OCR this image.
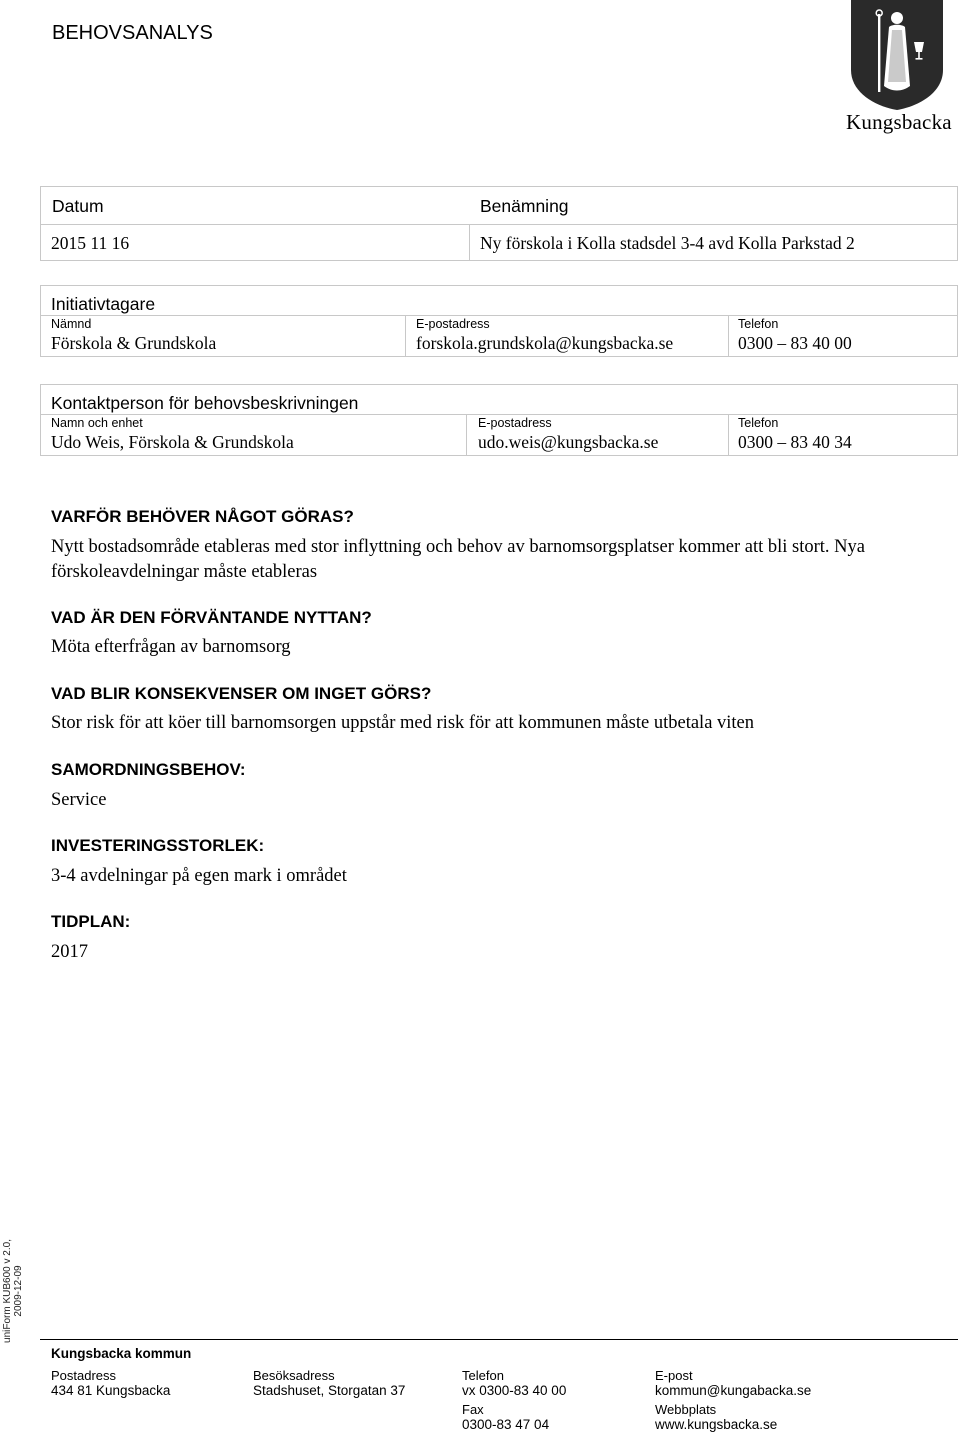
BEHOVSANALYS
Kungsbacka
Datum	Benämning
2015 11 16	Ny förskola i Kolla stadsdel 3-4 avd Kolla Parkstad 2
Initiativtagare
Nämnd
Förskola & Grundskola
E-postadress
forskola.grundskola@kungsbacka.se
Telefon
0300 – 83 40 00
Kontaktperson för behovsbeskrivningen
Namn och enhet
Udo Weis, Förskola & Grundskola
E-postadress
udo.weis@kungsbacka.se
Telefon
0300 – 83 40 34
VARFÖR BEHÖVER NÅGOT GÖRAS?
Nytt bostadsområde etableras med stor inflyttning och behov av barnomsorgsplatser kommer att bli stort. Nya förskoleavdelningar måste etableras
VAD ÄR DEN FÖRVÄNTANDE NYTTAN?
Möta efterfrågan av barnomsorg
VAD BLIR KONSEKVENSER OM INGET GÖRS?
Stor risk för att köer till barnomsorgen uppstår med risk för att kommunen måste utbetala viten
SAMORDNINGSBEHOV:
Service
INVESTERINGSSTORLEK:
3-4 avdelningar på egen mark i området
TIDPLAN:
2017
uniForm KUB600 v 2.0, 2009-12-09
Kungsbacka kommun
Postadress
434 81 Kungsbacka
Besöksadress
Stadshuset, Storgatan 37
Telefon
vx 0300-83 40 00
Fax
0300-83 47 04
E-post
kommun@kungabacka.se
Webbplats
www.kungsbacka.se
